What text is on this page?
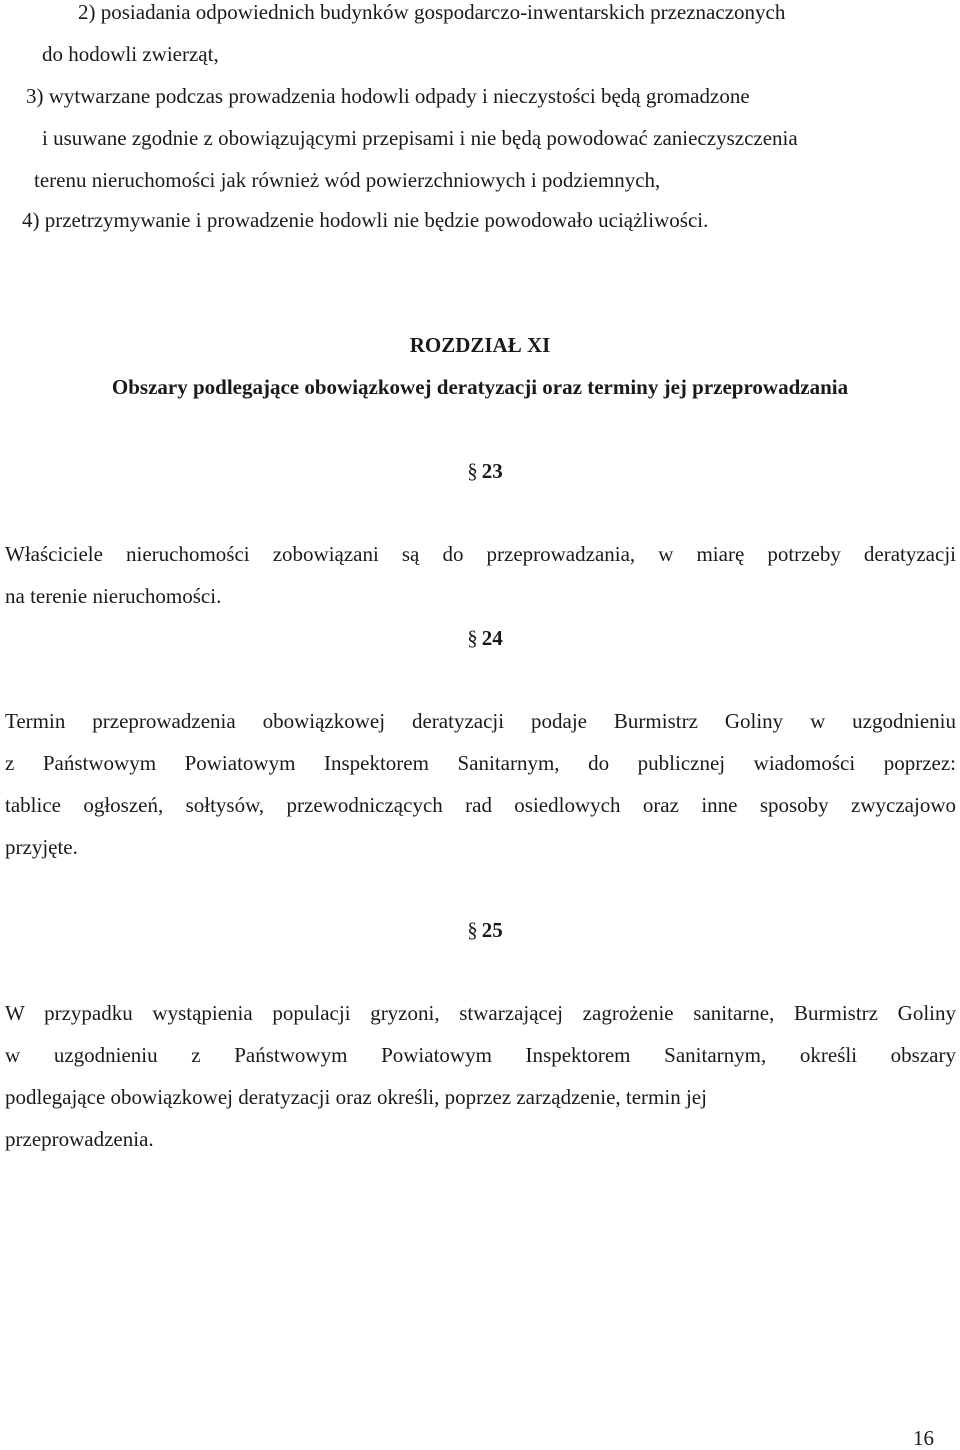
2) posiadania odpowiednich budynków gospodarczo-inwentarskich przeznaczonych
do hodowli zwierząt,
3) wytwarzane podczas prowadzenia hodowli odpady i nieczystości będą gromadzone
i usuwane zgodnie z obowiązującymi przepisami i nie będą powodować zanieczyszczenia
terenu nieruchomości jak również wód powierzchniowych i podziemnych,
4) przetrzymywanie i prowadzenie hodowli nie będzie powodowało uciążliwości.
ROZDZIAŁ XI
Obszary podlegające obowiązkowej deratyzacji oraz terminy jej przeprowadzania
§ 23
Właściciele nieruchomości zobowiązani są do przeprowadzania, w miarę potrzeby deratyzacji
na terenie nieruchomości.
§ 24
Termin przeprowadzenia obowiązkowej deratyzacji podaje Burmistrz Goliny w uzgodnieniu
z Państwowym Powiatowym Inspektorem Sanitarnym, do publicznej wiadomości poprzez:
tablice ogłoszeń, sołtysów, przewodniczących rad osiedlowych oraz inne sposoby zwyczajowo
przyjęte.
§ 25
W przypadku wystąpienia populacji gryzoni, stwarzającej zagrożenie sanitarne, Burmistrz Goliny
w uzgodnieniu z Państwowym Powiatowym Inspektorem Sanitarnym, określi obszary
podlegające obowiązkowej deratyzacji oraz określi, poprzez zarządzenie, termin jej
przeprowadzenia.
16
